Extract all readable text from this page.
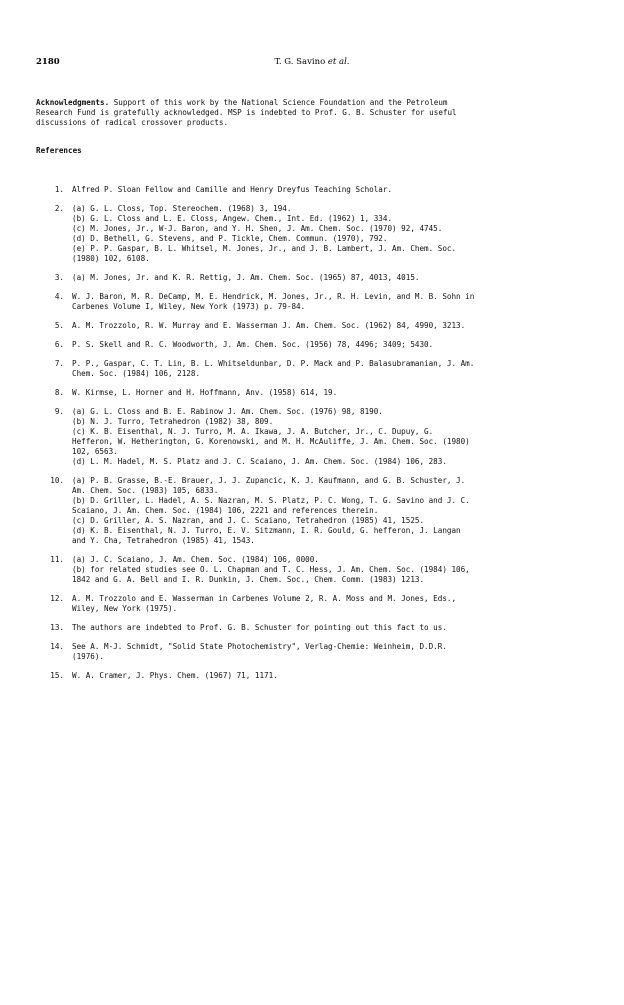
2180	T. G. Savino et al.
Acknowledgments. Support of this work by the National Science Foundation and the Petroleum
Research Fund is gratefully acknowledged. MSP is indebted to Prof. G. B. Schuster for useful
discussions of radical crossover products.
References
1.	Alfred P. Sloan Fellow and Camille and Henry Dreyfus Teaching Scholar.
2.	(a) G. L. Closs, Top. Stereochem. (1968) 3, 194.
(b) G. L. Closs and L. E. Closs, Angew. Chem., Int. Ed. (1962) 1, 334.
(c) M. Jones, Jr., W-J. Baron, and Y. H. Shen, J. Am. Chem. Soc. (1970) 92, 4745.
(d) D. Bethell, G. Stevens, and P. Tickle, Chem. Commun. (1970), 792.
(e) P. P. Gaspar, B. L. Whitsel, M. Jones, Jr., and J. B. Lambert, J. Am. Chem. Soc.
(1980) 102, 6108.
3.	(a) M. Jones, Jr. and K. R. Rettig, J. Am. Chem. Soc. (1965) 87, 4013, 4015.
4.	W. J. Baron, M. R. DeCamp, M. E. Hendrick, M. Jones, Jr., R. H. Levin, and M. B. Sohn in
Carbenes Volume I, Wiley, New York (1973) p. 79-84.
5.	A. M. Trozzolo, R. W. Murray and E. Wasserman J. Am. Chem. Soc. (1962) 84, 4990, 3213.
6.	P. S. Skell and R. C. Woodworth, J. Am. Chem. Soc. (1956) 78, 4496; 3409; 5430.
7.	P. P., Gaspar, C. T. Lin, B. L. Whitseldunbar, D. P. Mack and P. Balasubramanian, J. Am.
Chem. Soc. (1984) 106, 2128.
8.	W. Kirmse, L. Horner and H. Hoffmann, Anv. (1958) 614, 19.
9.	(a) G. L. Closs and B. E. Rabinow J. Am. Chem. Soc. (1976) 98, 8190.
(b) N. J. Turro, Tetrahedron (1982) 38, 809.
(c) K. B. Eisenthal, N. J. Turro, M. A. Ikawa, J. A. Butcher, Jr., C. Dupuy, G.
Hefferon, W. Hetherington, G. Korenowski, and M. H. McAuliffe, J. Am. Chem. Soc. (1980)
102, 6563.
(d) L. M. Hadel, M. S. Platz and J. C. Scaiano, J. Am. Chem. Soc. (1984) 106, 283.
10.	(a) P. B. Grasse, B.-E. Brauer, J. J. Zupancic, K. J. Kaufmann, and G. B. Schuster, J.
Am. Chem. Soc. (1983) 105, 6833.
(b) D. Griller, L. Hadel, A. S. Nazran, M. S. Platz, P. C. Wong, T. G. Savino and J. C.
Scaiano, J. Am. Chem. Soc. (1984) 106, 2221 and references therein.
(c) D. Griller, A. S. Nazran, and J. C. Scaiano, Tetrahedron (1985) 41, 1525.
(d) K. B. Eisenthal, N. J. Turro, E. V. Sitzmann, I. R. Gould, G. hefferon, J. Langan
and Y. Cha, Tetrahedron (1985) 41, 1543.
11.	(a) J. C. Scaiano, J. Am. Chem. Soc. (1984) 106, 0000.
(b) for related studies see O. L. Chapman and T. C. Hess, J. Am. Chem. Soc. (1984) 106,
1842 and G. A. Bell and I. R. Dunkin, J. Chem. Soc., Chem. Comm. (1983) 1213.
12.	A. M. Trozzolo and E. Wasserman in Carbenes Volume 2, R. A. Moss and M. Jones, Eds.,
Wiley, New York (1975).
13.	The authors are indebted to Prof. G. B. Schuster for pointing out this fact to us.
14.	See A. M-J. Schmidt, "Solid State Photochemistry", Verlag-Chemie: Weinheim, D.D.R.
(1976).
15.	W. A. Cramer, J. Phys. Chem. (1967) 71, 1171.
